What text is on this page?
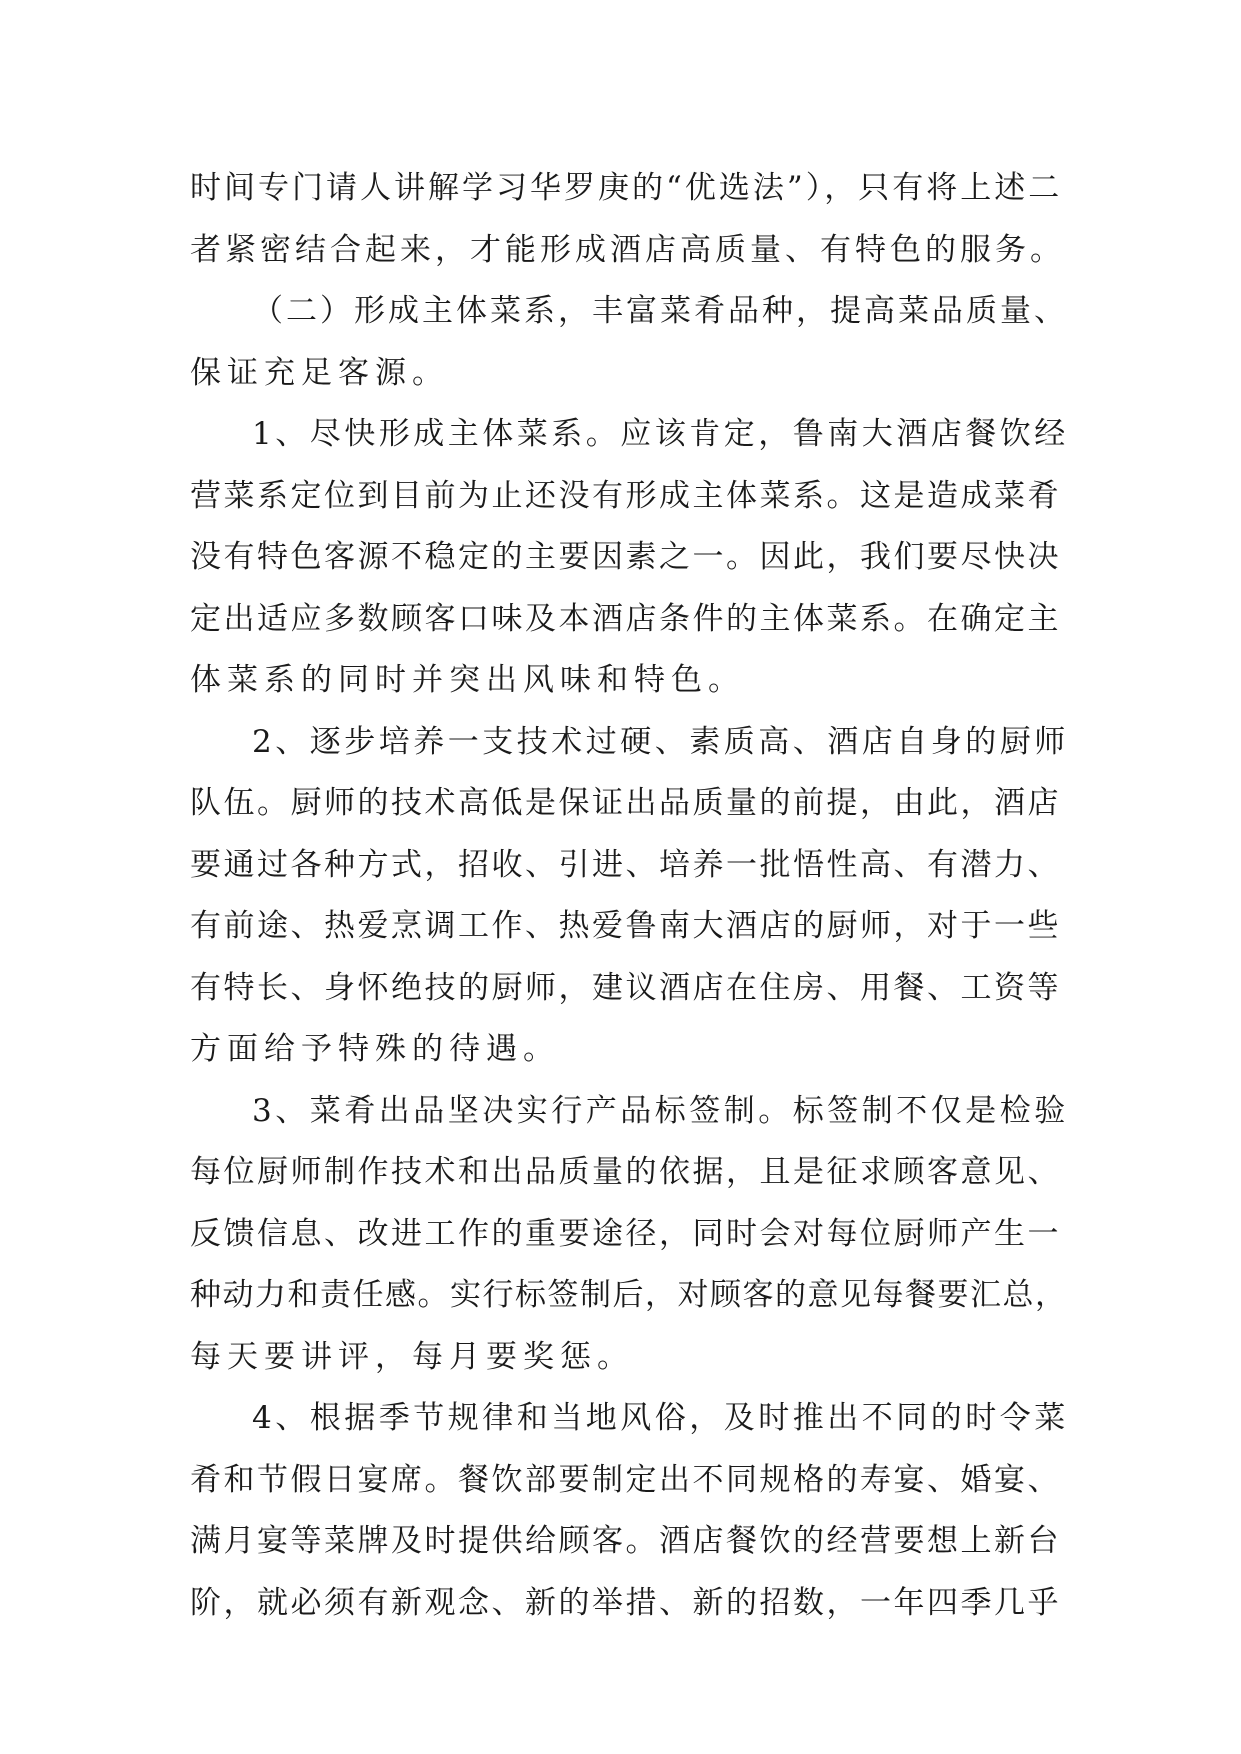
时间专门请人讲解学习华罗庚的“优选法”），只有将上述二
者紧密结合起来，才能形成酒店高质量、有特色的服务。
（二）形成主体菜系，丰富菜肴品种，提高菜品质量、
保证充足客源。
1、尽快形成主体菜系。应该肯定，鲁南大酒店餐饮经
营菜系定位到目前为止还没有形成主体菜系。这是造成菜肴
没有特色客源不稳定的主要因素之一。因此，我们要尽快决
定出适应多数顾客口味及本酒店条件的主体菜系。在确定主
体菜系的同时并突出风味和特色。
2、逐步培养一支技术过硬、素质高、酒店自身的厨师
队伍。厨师的技术高低是保证出品质量的前提，由此，酒店
要通过各种方式，招收、引进、培养一批悟性高、有潜力、
有前途、热爱烹调工作、热爱鲁南大酒店的厨师，对于一些
有特长、身怀绝技的厨师，建议酒店在住房、用餐、工资等
方面给予特殊的待遇。
3、菜肴出品坚决实行产品标签制。标签制不仅是检验
每位厨师制作技术和出品质量的依据，且是征求顾客意见、
反馈信息、改进工作的重要途径，同时会对每位厨师产生一
种动力和责任感。实行标签制后，对顾客的意见每餐要汇总，
每天要讲评，每月要奖惩。
4、根据季节规律和当地风俗，及时推出不同的时令菜
肴和节假日宴席。餐饮部要制定出不同规格的寿宴、婚宴、
满月宴等菜牌及时提供给顾客。酒店餐饮的经营要想上新台
阶，就必须有新观念、新的举措、新的招数，一年四季几乎
